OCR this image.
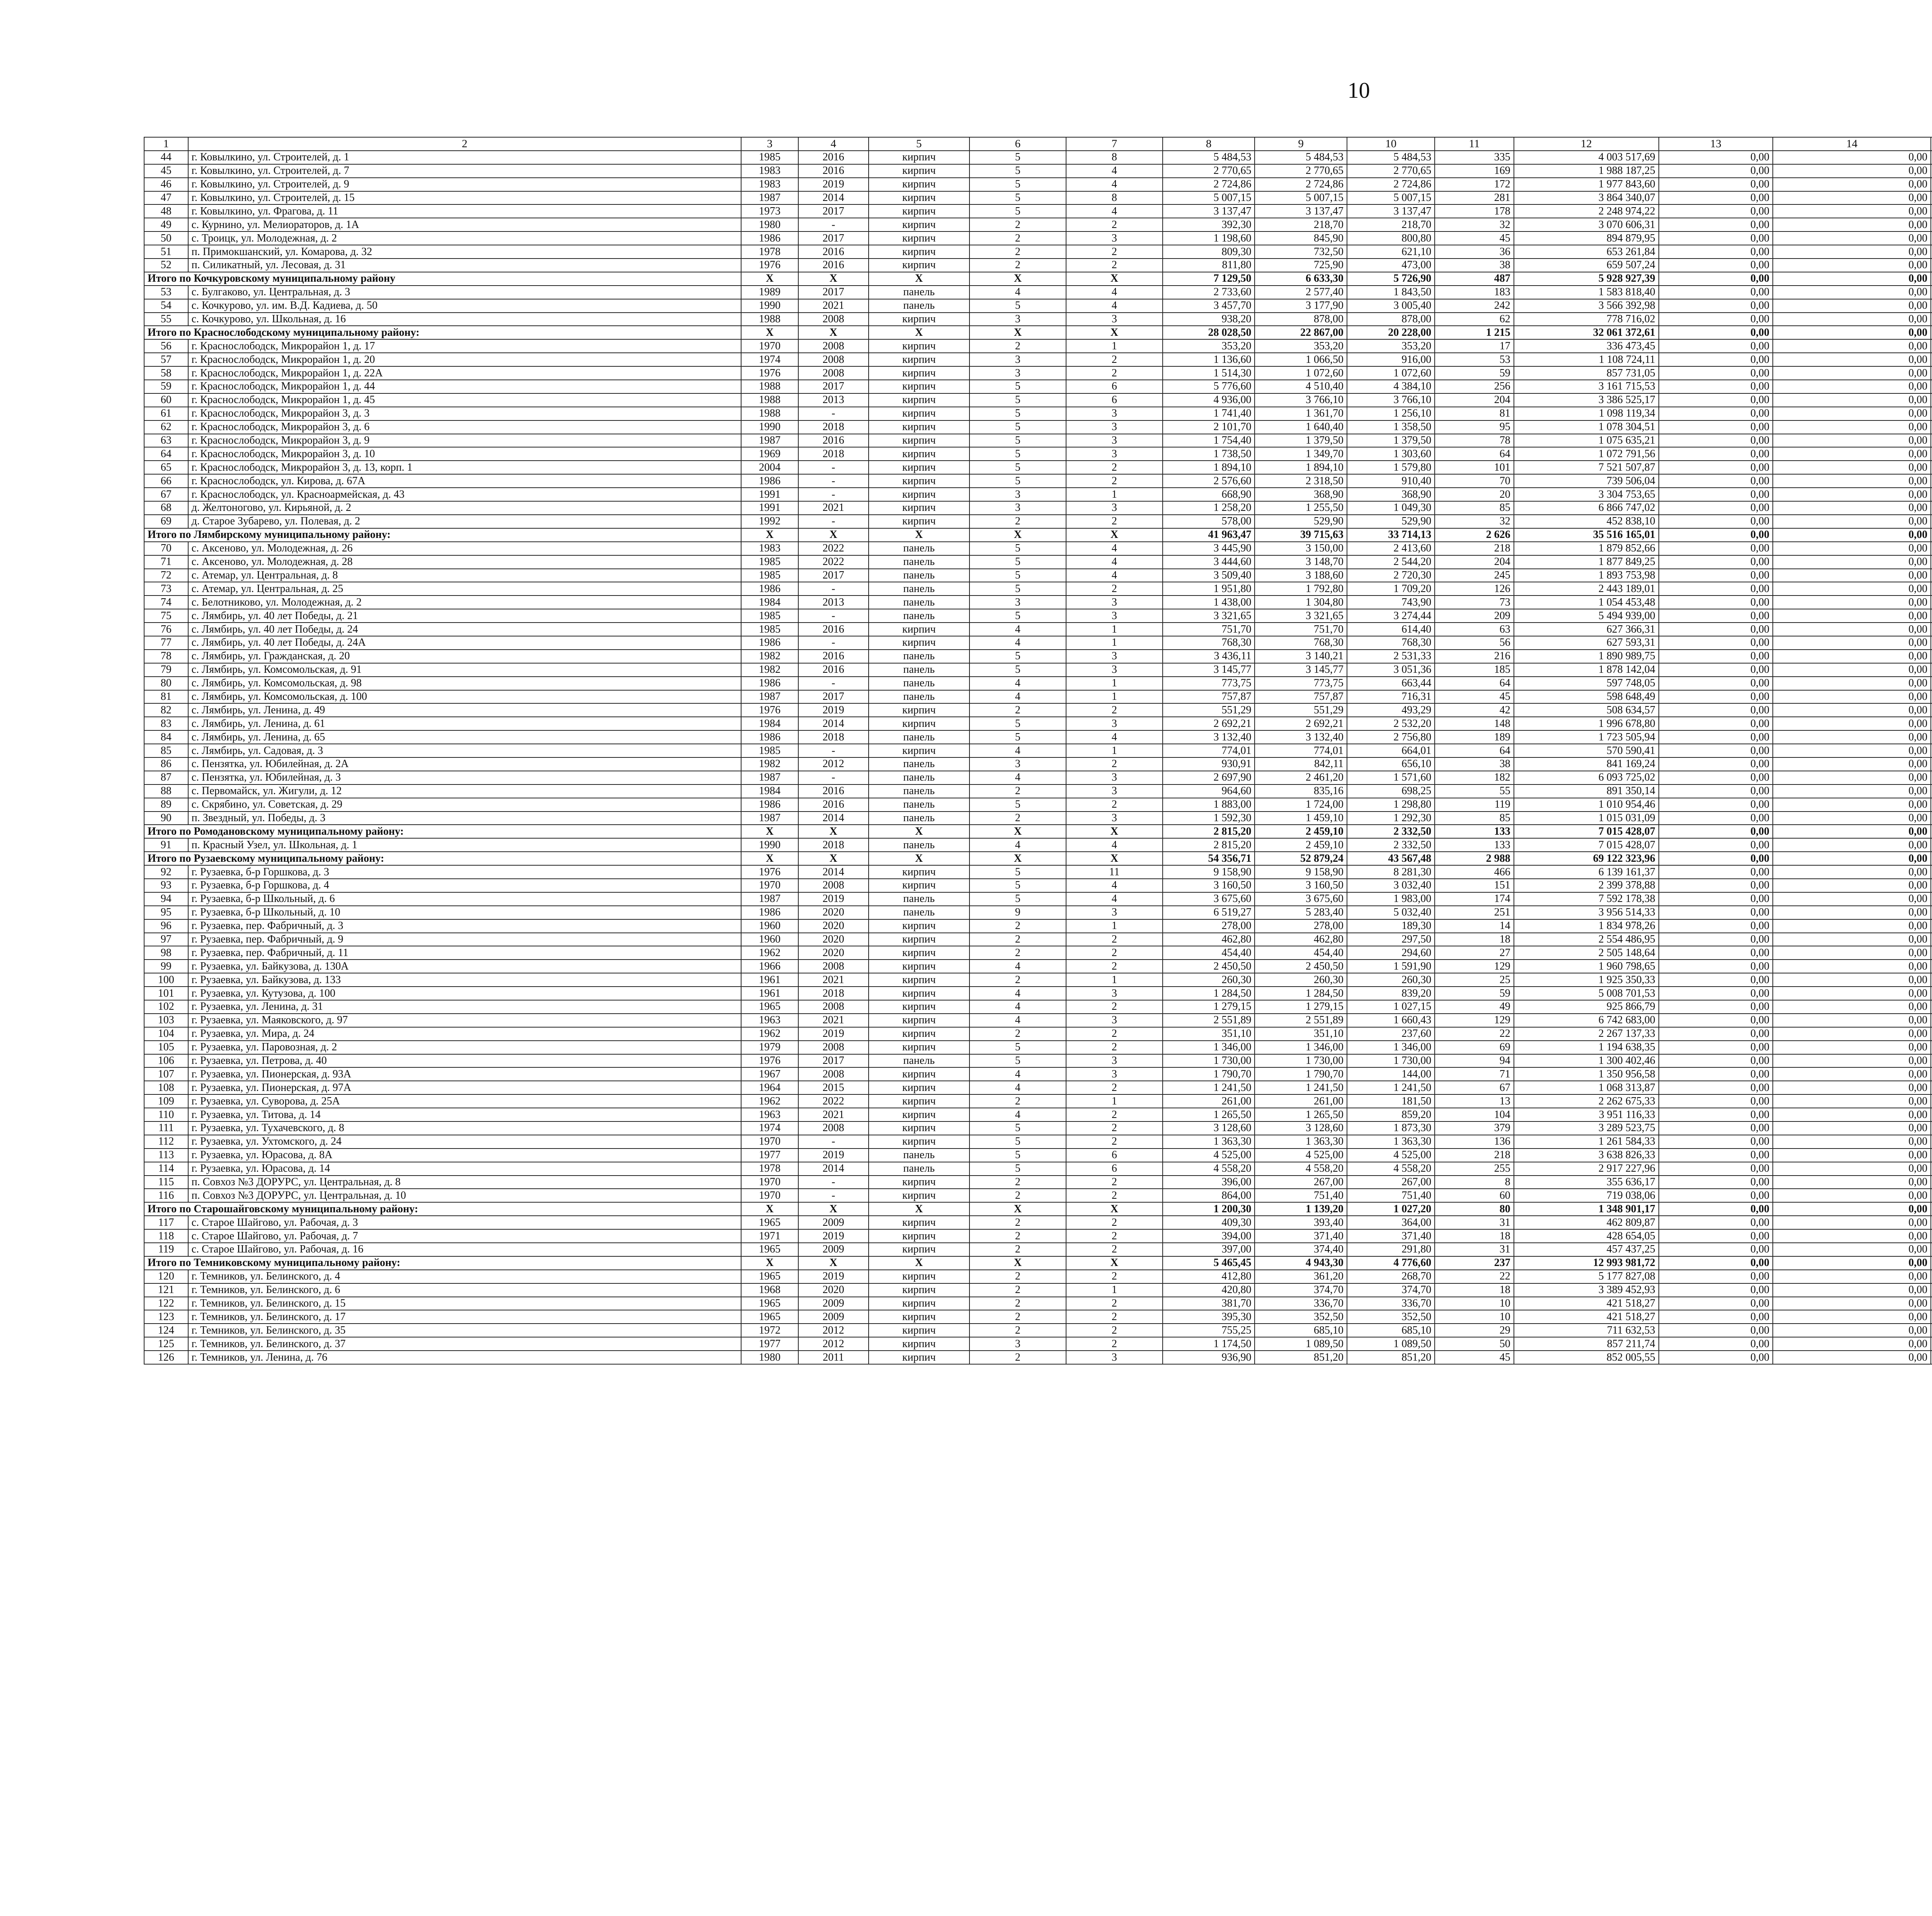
10
1	2	3	4	5	6	7	8	9	10	11	12	13	14					
44	г. Ковылкино, ул. Строителей, д. 1	1985	2016	кирпич	5	8	5 484,53	5 484,53	5 484,53	335	4 003 517,69	0,00	0,00					
45	г. Ковылкино, ул. Строителей, д. 7	1983	2016	кирпич	5	4	2 770,65	2 770,65	2 770,65	169	1 988 187,25	0,00	0,00					
46	г. Ковылкино, ул. Строителей, д. 9	1983	2019	кирпич	5	4	2 724,86	2 724,86	2 724,86	172	1 977 843,60	0,00	0,00					
47	г. Ковылкино, ул. Строителей, д. 15	1987	2014	кирпич	5	8	5 007,15	5 007,15	5 007,15	281	3 864 340,07	0,00	0,00					
48	г. Ковылкино, ул. Фрагова, д. 11	1973	2017	кирпич	5	4	3 137,47	3 137,47	3 137,47	178	2 248 974,22	0,00	0,00					
49	с. Курнино, ул. Мелиораторов, д. 1А	1980	-	кирпич	2	2	392,30	218,70	218,70	32	3 070 606,31	0,00	0,00					
50	с. Троицк, ул. Молодежная, д. 2	1986	2017	кирпич	2	3	1 198,60	845,90	800,80	45	894 879,95	0,00	0,00					
51	п. Примокшанский, ул. Комарова, д. 32	1978	2016	кирпич	2	2	809,30	732,50	621,10	36	653 261,84	0,00	0,00					
52	п. Силикатный, ул. Лесовая, д. 31	1976	2016	кирпич	2	2	811,80	725,90	473,00	38	659 507,24	0,00	0,00					
Итого по Кочкуровскому муниципальному району		X	X	X	X	X	7 129,50	6 633,30	5 726,90	487	5 928 927,39	0,00	0,00					
53	с. Булгаково, ул. Центральная, д. 3	1989	2017	панель	4	4	2 733,60	2 577,40	1 843,50	183	1 583 818,40	0,00	0,00					
54	с. Кочкурово, ул. им. В.Д. Кадиева, д. 50	1990	2021	панель	5	4	3 457,70	3 177,90	3 005,40	242	3 566 392,98	0,00	0,00					
55	с. Кочкурово, ул. Школьная, д. 16	1988	2008	кирпич	3	3	938,20	878,00	878,00	62	778 716,02	0,00	0,00					
Итого по Краснослободскому муниципальному району:		X	X	X	X	X	28 028,50	22 867,00	20 228,00	1 215	32 061 372,61	0,00	0,00					
56	г. Краснослободск, Микрорайон 1, д. 17	1970	2008	кирпич	2	1	353,20	353,20	353,20	17	336 473,45	0,00	0,00					
57	г. Краснослободск, Микрорайон 1, д. 20	1974	2008	кирпич	3	2	1 136,60	1 066,50	916,00	53	1 108 724,11	0,00	0,00					
58	г. Краснослободск, Микрорайон 1, д. 22А	1976	2008	кирпич	3	2	1 514,30	1 072,60	1 072,60	59	857 731,05	0,00	0,00					
59	г. Краснослободск, Микрорайон 1, д. 44	1988	2017	кирпич	5	6	5 776,60	4 510,40	4 384,10	256	3 161 715,53	0,00	0,00					
60	г. Краснослободск, Микрорайон 1, д. 45	1988	2013	кирпич	5	6	4 936,00	3 766,10	3 766,10	204	3 386 525,17	0,00	0,00					
61	г. Краснослободск, Микрорайон 3, д. 3	1988	-	кирпич	5	3	1 741,40	1 361,70	1 256,10	81	1 098 119,34	0,00	0,00					
62	г. Краснослободск, Микрорайон 3, д. 6	1990	2018	кирпич	5	3	2 101,70	1 640,40	1 358,50	95	1 078 304,51	0,00	0,00					
63	г. Краснослободск, Микрорайон 3, д. 9	1987	2016	кирпич	5	3	1 754,40	1 379,50	1 379,50	78	1 075 635,21	0,00	0,00					
64	г. Краснослободск, Микрорайон 3, д. 10	1969	2018	кирпич	5	3	1 738,50	1 349,70	1 303,60	64	1 072 791,56	0,00	0,00					
65	г. Краснослободск, Микрорайон 3, д. 13, корп. 1	2004	-	кирпич	5	2	1 894,10	1 894,10	1 579,80	101	7 521 507,87	0,00	0,00					
66	г. Краснослободск, ул. Кирова, д. 67А	1986	-	кирпич	5	2	2 576,60	2 318,50	910,40	70	739 506,04	0,00	0,00					
67	г. Краснослободск, ул. Красноармейская, д. 43	1991	-	кирпич	3	1	668,90	368,90	368,90	20	3 304 753,65	0,00	0,00					
68	д. Желтоногово, ул. Кирьяной, д. 2	1991	2021	кирпич	3	3	1 258,20	1 255,50	1 049,30	85	6 866 747,02	0,00	0,00					
69	д. Старое Зубарево, ул. Полевая, д. 2	1992	-	кирпич	2	2	578,00	529,90	529,90	32	452 838,10	0,00	0,00					
Итого по Лямбирскому муниципальному району:		X	X	X	X	X	41 963,47	39 715,63	33 714,13	2 626	35 516 165,01	0,00	0,00					
70	с. Аксеново, ул. Молодежная, д. 26	1983	2022	панель	5	4	3 445,90	3 150,00	2 413,60	218	1 879 852,66	0,00	0,00					
71	с. Аксеново, ул. Молодежная, д. 28	1985	2022	панель	5	4	3 444,60	3 148,70	2 544,20	204	1 877 849,25	0,00	0,00					
72	с. Атемар, ул. Центральная, д. 8	1985	2017	панель	5	4	3 509,40	3 188,60	2 720,30	245	1 893 753,98	0,00	0,00					
73	с. Атемар, ул. Центральная, д. 25	1986	-	панель	5	2	1 951,80	1 792,80	1 709,20	126	2 443 189,01	0,00	0,00					
74	с. Белотниково, ул. Молодежная, д. 2	1984	2013	панель	3	3	1 438,00	1 304,80	743,90	73	1 054 453,48	0,00	0,00					
75	с. Лямбирь, ул. 40 лет Победы, д. 21	1985	-	панель	5	3	3 321,65	3 321,65	3 274,44	209	5 494 939,00	0,00	0,00					
76	с. Лямбирь, ул. 40 лет Победы, д. 24	1985	2016	кирпич	4	1	751,70	751,70	614,40	63	627 366,31	0,00	0,00					
77	с. Лямбирь, ул. 40 лет Победы, д. 24А	1986	-	кирпич	4	1	768,30	768,30	768,30	56	627 593,31	0,00	0,00					
78	с. Лямбирь, ул. Гражданская, д. 20	1982	2016	панель	5	3	3 436,11	3 140,21	2 531,33	216	1 890 989,75	0,00	0,00					
79	с. Лямбирь, ул. Комсомольская, д. 91	1982	2016	панель	5	3	3 145,77	3 145,77	3 051,36	185	1 878 142,04	0,00	0,00					
80	с. Лямбирь, ул. Комсомольская, д. 98	1986	-	панель	4	1	773,75	773,75	663,44	64	597 748,05	0,00	0,00					
81	с. Лямбирь, ул. Комсомольская, д. 100	1987	2017	панель	4	1	757,87	757,87	716,31	45	598 648,49	0,00	0,00					
82	с. Лямбирь, ул. Ленина, д. 49	1976	2019	кирпич	2	2	551,29	551,29	493,29	42	508 634,57	0,00	0,00					
83	с. Лямбирь, ул. Ленина, д. 61	1984	2014	кирпич	5	3	2 692,21	2 692,21	2 532,20	148	1 996 678,80	0,00	0,00					
84	с. Лямбирь, ул. Ленина, д. 65	1986	2018	панель	5	4	3 132,40	3 132,40	2 756,80	189	1 723 505,94	0,00	0,00					
85	с. Лямбирь, ул. Садовая, д. 3	1985	-	кирпич	4	1	774,01	774,01	664,01	64	570 590,41	0,00	0,00					
86	с. Пензятка, ул. Юбилейная, д. 2А	1982	2012	панель	3	2	930,91	842,11	656,10	38	841 169,24	0,00	0,00					
87	с. Пензятка, ул. Юбилейная, д. 3	1987	-	панель	4	3	2 697,90	2 461,20	1 571,60	182	6 093 725,02	0,00	0,00					
88	с. Первомайск, ул. Жигули, д. 12	1984	2016	панель	2	3	964,60	835,16	698,25	55	891 350,14	0,00	0,00					
89	с. Скрябино, ул. Советская, д. 29	1986	2016	панель	5	2	1 883,00	1 724,00	1 298,80	119	1 010 954,46	0,00	0,00					
90	п. Звездный, ул. Победы, д. 3	1987	2014	панель	2	3	1 592,30	1 459,10	1 292,30	85	1 015 031,09	0,00	0,00					
Итого по Ромодановскому муниципальному району:		X	X	X	X	X	2 815,20	2 459,10	2 332,50	133	7 015 428,07	0,00	0,00					
91	п. Красный Узел, ул. Школьная, д. 1	1990	2018	панель	4	4	2 815,20	2 459,10	2 332,50	133	7 015 428,07	0,00	0,00					
Итого по Рузаевскому муниципальному району:		X	X	X	X	X	54 356,71	52 879,24	43 567,48	2 988	69 122 323,96	0,00	0,00					
92	г. Рузаевка, б-р Горшкова, д. 3	1976	2014	кирпич	5	11	9 158,90	9 158,90	8 281,30	466	6 139 161,37	0,00	0,00					
93	г. Рузаевка, б-р Горшкова, д. 4	1970	2008	кирпич	5	4	3 160,50	3 160,50	3 032,40	151	2 399 378,88	0,00	0,00					
94	г. Рузаевка, б-р Школьный, д. 6	1987	2019	панель	5	4	3 675,60	3 675,60	1 983,00	174	7 592 178,38	0,00	0,00					
95	г. Рузаевка, б-р Школьный, д. 10	1986	2020	панель	9	3	6 519,27	5 283,40	5 032,40	251	3 956 514,33	0,00	0,00					
96	г. Рузаевка, пер. Фабричный, д. 3	1960	2020	кирпич	2	1	278,00	278,00	189,30	14	1 834 978,26	0,00	0,00					
97	г. Рузаевка, пер. Фабричный, д. 9	1960	2020	кирпич	2	2	462,80	462,80	297,50	18	2 554 486,95	0,00	0,00					
98	г. Рузаевка, пер. Фабричный, д. 11	1962	2020	кирпич	2	2	454,40	454,40	294,60	27	2 505 148,64	0,00	0,00					
99	г. Рузаевка, ул. Байкузова, д. 130А	1966	2008	кирпич	4	2	2 450,50	2 450,50	1 591,90	129	1 960 798,65	0,00	0,00					
100	г. Рузаевка, ул. Байкузова, д. 133	1961	2021	кирпич	2	1	260,30	260,30	260,30	25	1 925 350,33	0,00	0,00					
101	г. Рузаевка, ул. Кутузова, д. 100	1961	2018	кирпич	4	3	1 284,50	1 284,50	839,20	59	5 008 701,53	0,00	0,00					
102	г. Рузаевка, ул. Ленина, д. 31	1965	2008	кирпич	4	2	1 279,15	1 279,15	1 027,15	49	925 866,79	0,00	0,00					
103	г. Рузаевка, ул. Маяковского, д. 97	1963	2021	кирпич	4	3	2 551,89	2 551,89	1 660,43	129	6 742 683,00	0,00	0,00					
104	г. Рузаевка, ул. Мира, д. 24	1962	2019	кирпич	2	2	351,10	351,10	237,60	22	2 267 137,33	0,00	0,00					
105	г. Рузаевка, ул. Паровозная, д. 2	1979	2008	кирпич	5	2	1 346,00	1 346,00	1 346,00	69	1 194 638,35	0,00	0,00					
106	г. Рузаевка, ул. Петрова, д. 40	1976	2017	панель	5	3	1 730,00	1 730,00	1 730,00	94	1 300 402,46	0,00	0,00					
107	г. Рузаевка, ул. Пионерская, д. 93А	1967	2008	кирпич	4	3	1 790,70	1 790,70	144,00	71	1 350 956,58	0,00	0,00					
108	г. Рузаевка, ул. Пионерская, д. 97А	1964	2015	кирпич	4	2	1 241,50	1 241,50	1 241,50	67	1 068 313,87	0,00	0,00					
109	г. Рузаевка, ул. Суворова, д. 25А	1962	2022	кирпич	2	1	261,00	261,00	181,50	13	2 262 675,33	0,00	0,00					
110	г. Рузаевка, ул. Титова, д. 14	1963	2021	кирпич	4	2	1 265,50	1 265,50	859,20	104	3 951 116,33	0,00	0,00					
111	г. Рузаевка, ул. Тухачевского, д. 8	1974	2008	кирпич	5	2	3 128,60	3 128,60	1 873,30	379	3 289 523,75	0,00	0,00					
112	г. Рузаевка, ул. Ухтомского, д. 24	1970	-	кирпич	5	2	1 363,30	1 363,30	1 363,30	136	1 261 584,33	0,00	0,00					
113	г. Рузаевка, ул. Юрасова, д. 8А	1977	2019	панель	5	6	4 525,00	4 525,00	4 525,00	218	3 638 826,33	0,00	0,00					
114	г. Рузаевка, ул. Юрасова, д. 14	1978	2014	панель	5	6	4 558,20	4 558,20	4 558,20	255	2 917 227,96	0,00	0,00					
115	п. Совхоз №3 ДОРУРС, ул. Центральная, д. 8	1970	-	кирпич	2	2	396,00	267,00	267,00	8	355 636,17	0,00	0,00					
116	п. Совхоз №3 ДОРУРС, ул. Центральная, д. 10	1970	-	кирпич	2	2	864,00	751,40	751,40	60	719 038,06	0,00	0,00					
Итого по Старошайговскому муниципальному району:		X	X	X	X	X	1 200,30	1 139,20	1 027,20	80	1 348 901,17	0,00	0,00					
117	с. Старое Шайгово, ул. Рабочая, д. 3	1965	2009	кирпич	2	2	409,30	393,40	364,00	31	462 809,87	0,00	0,00					
118	с. Старое Шайгово, ул. Рабочая, д. 7	1971	2019	кирпич	2	2	394,00	371,40	371,40	18	428 654,05	0,00	0,00					
119	с. Старое Шайгово, ул. Рабочая, д. 16	1965	2009	кирпич	2	2	397,00	374,40	291,80	31	457 437,25	0,00	0,00					
Итого по Темниковскому муниципальному району:		X	X	X	X	X	5 465,45	4 943,30	4 776,60	237	12 993 981,72	0,00	0,00					
120	г. Темников, ул. Белинского, д. 4	1965	2019	кирпич	2	2	412,80	361,20	268,70	22	5 177 827,08	0,00	0,00					
121	г. Темников, ул. Белинского, д. 6	1968	2020	кирпич	2	1	420,80	374,70	374,70	18	3 389 452,93	0,00	0,00					
122	г. Темников, ул. Белинского, д. 15	1965	2009	кирпич	2	2	381,70	336,70	336,70	10	421 518,27	0,00	0,00					
123	г. Темников, ул. Белинского, д. 17	1965	2009	кирпич	2	2	395,30	352,50	352,50	10	421 518,27	0,00	0,00					
124	г. Темников, ул. Белинского, д. 35	1972	2012	кирпич	2	2	755,25	685,10	685,10	29	711 632,53	0,00	0,00					
125	г. Темников, ул. Белинского, д. 37	1977	2012	кирпич	3	2	1 174,50	1 089,50	1 089,50	50	857 211,74	0,00	0,00					
126	г. Темников, ул. Ленина, д. 76	1980	2011	кирпич	2	3	936,90	851,20	851,20	45	852 005,55	0,00	0,00					
